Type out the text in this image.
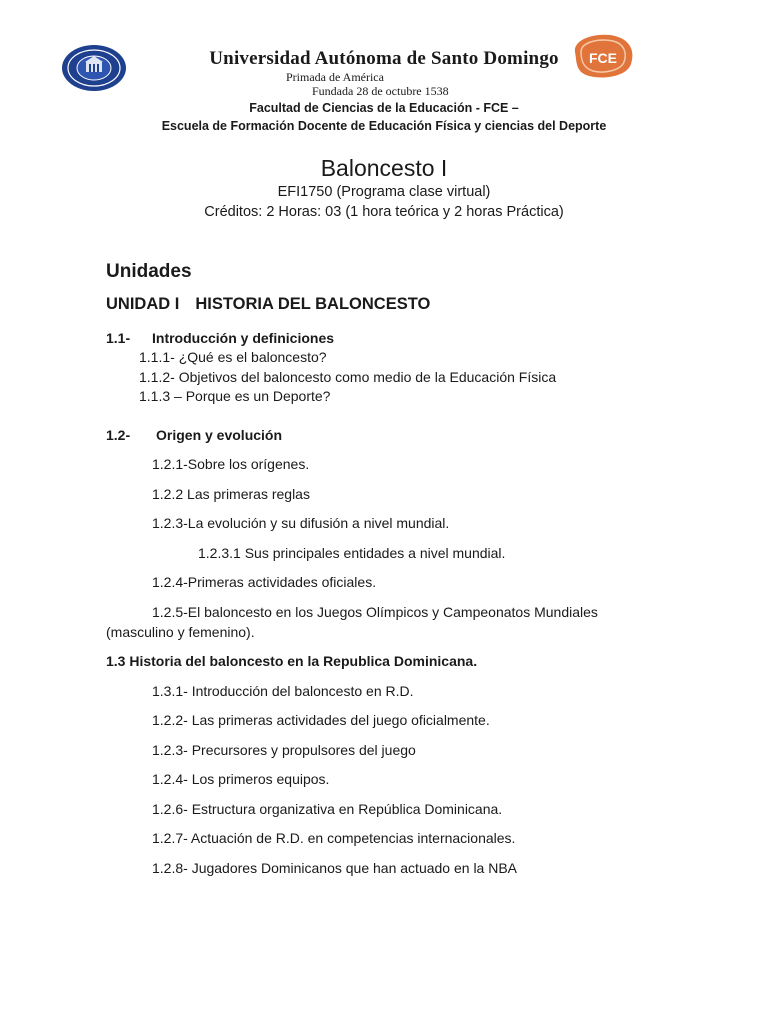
FCE
Universidad Autónoma de Santo Domingo
Primada de América
Fundada 28 de octubre 1538
Facultad de Ciencias de la Educación - FCE –
Escuela de Formación Docente de Educación Física y ciencias del Deporte
Baloncesto I
EFI1750 (Programa clase virtual)
Créditos: 2 Horas: 03 (1 hora teórica y 2 horas Práctica)
Unidades
UNIDAD I HISTORIA DEL BALONCESTO
1.1- Introducción y definiciones
1.1.1- ¿Qué es el baloncesto?
1.1.2- Objetivos del baloncesto como medio de la Educación Física
1.1.3 – Porque es un Deporte?
1.2- Origen y evolución
1.2.1-Sobre los orígenes.
1.2.2 Las primeras reglas
1.2.3-La evolución y su difusión a nivel mundial.
1.2.3.1 Sus principales entidades a nivel mundial.
1.2.4-Primeras actividades oficiales.
1.2.5-El baloncesto en los Juegos Olímpicos y Campeonatos Mundiales
(masculino y femenino).
1.3 Historia del baloncesto en la Republica Dominicana.
1.3.1- Introducción del baloncesto en R.D.
1.2.2- Las primeras actividades del juego oficialmente.
1.2.3- Precursores y propulsores del juego
1.2.4- Los primeros equipos.
1.2.6- Estructura organizativa en República Dominicana.
1.2.7- Actuación de R.D. en competencias internacionales.
1.2.8- Jugadores Dominicanos que han actuado en la NBA
